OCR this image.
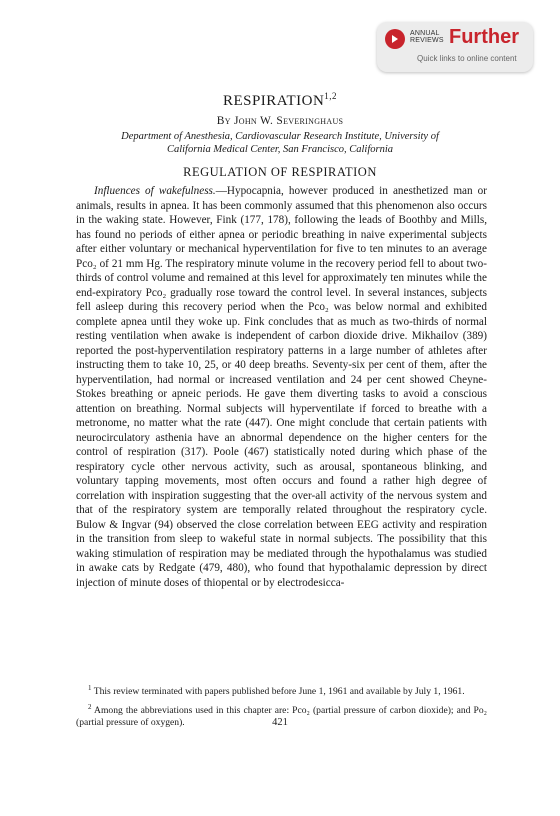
ANNUAL
REVIEWS Further
Quick links to online content
RESPIRATION$^{1,2}$
By John W. Severinghaus
Department of Anesthesia, Cardiovascular Research Institute, University of
California Medical Center, San Francisco, California
REGULATION OF RESPIRATION

Influences of wakefulness.—Hypocapnia, however produced in anesthetized man or animals, results in apnea. It has been commonly assumed that this phenomenon also occurs in the waking state. However, Fink (177, 178), following the leads of Boothby and Mills, has found no periods of either apnea or periodic breathing in naive experimental subjects after either voluntary or mechanical hyperventilation for five to ten minutes to an average Pco₂ of 21 mm Hg. The respiratory minute volume in the recovery period fell to about two-thirds of control volume and remained at this level for approximately ten minutes while the end-expiratory Pco₂ gradually rose toward the control level. In several instances, subjects fell asleep during this recovery period when the Pco₂ was below normal and exhibited complete apnea until they woke up. Fink concludes that as much as two-thirds of normal resting ventilation when awake is independent of carbon dioxide drive. Mikhailov (389) reported the post-hyperventilation respiratory patterns in a large number of athletes after instructing them to take 10, 25, or 40 deep breaths. Seventy-six per cent of them, after the hyperventilation, had normal or increased ventilation and 24 per cent showed Cheyne-Stokes breathing or apneic periods. He gave them diverting tasks to avoid a conscious attention on breathing. Normal subjects will hyperventilate if forced to breathe with a metronome, no matter what the rate (447). One might conclude that certain patients with neurocirculatory asthenia have an abnormal dependence on the higher centers for the control of respiration (317). Poole (467) statistically noted during which phase of the respiratory cycle other nervous activity, such as arousal, spontaneous blinking, and voluntary tapping movements, most often occurs and found a rather high degree of correlation with inspiration suggesting that the over-all activity of the nervous system and that of the respiratory system are temporally related throughout the respiratory cycle. Bulow & Ingvar (94) observed the close correlation between EEG activity and respiration in the transition from sleep to wakeful state in normal subjects. The possibility that this waking stimulation of respiration may be mediated through the hypothalamus was studied in awake cats by Redgate (479, 480), who found that hypothalamic depression by direct injection of minute doses of thiopental or by electrodesicca-

$^1$ This review terminated with papers published before June 1, 1961 and available by July 1, 1961.

$^2$ Among the abbreviations used in this chapter are: Pco₂ (partial pressure of carbon dioxide); and Po₂ (partial pressure of oxygen).	421
